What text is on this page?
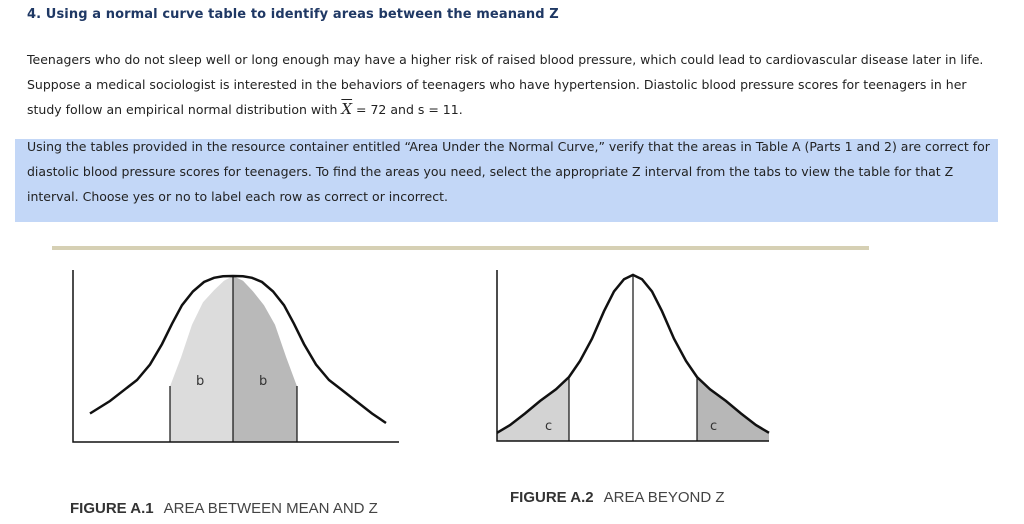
4. Using a normal curve table to identify areas between the meanand Z

Teenagers who do not sleep well or long enough may have a higher risk of raised blood pressure, which could lead to cardiovascular disease later in life. Suppose a medical sociologist is interested in the behaviors of teenagers who have hypertension. Diastolic blood pressure scores for teenagers in her study follow an empirical normal distribution with $\overline{X} = 72$ and s = 11.

Using the tables provided in the resource container entitled “Area Under the Normal Curve,” verify that the areas in Table A (Parts 1 and 2) are correct for diastolic blood pressure scores for teenagers. To find the areas you need, select the appropriate Z interval from the tabs to view the table for that Z interval. Choose yes or no to label each row as correct or incorrect.

b	b
c	c
FIGURE A.1 AREA BETWEEN MEAN AND Z
FIGURE A.2 AREA BEYOND Z
